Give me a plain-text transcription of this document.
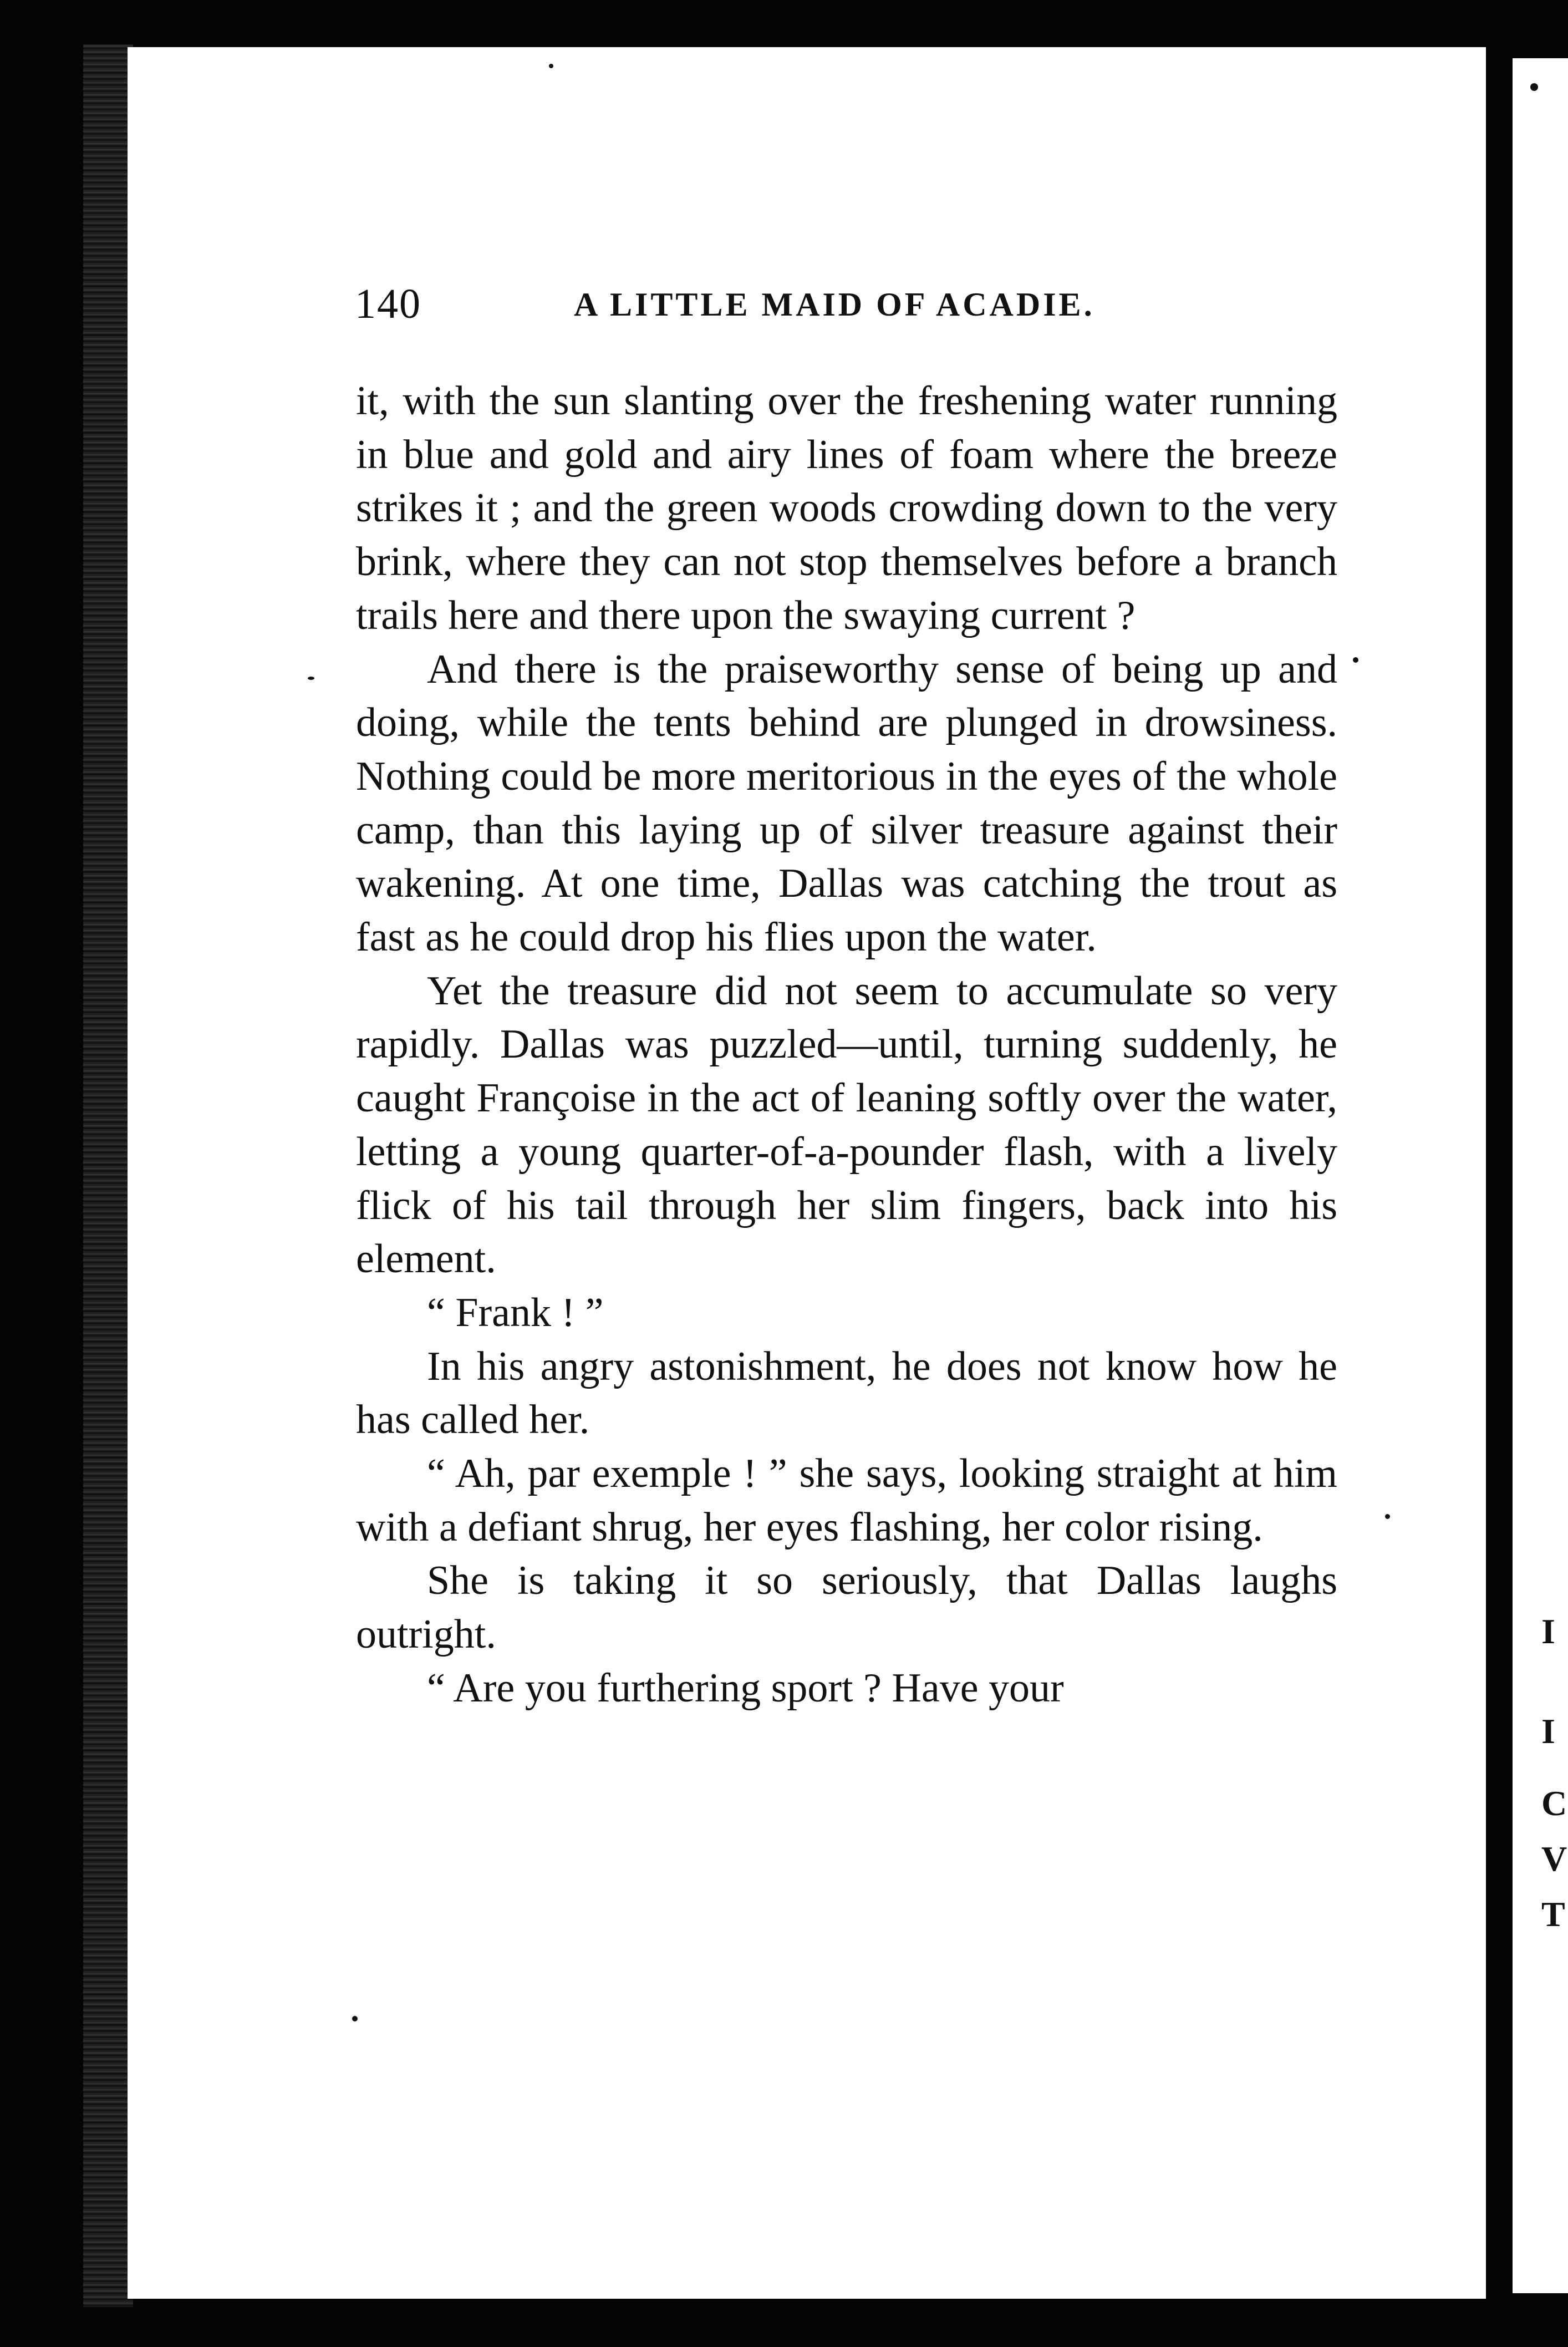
I
I
C
V
T
140	A LITTLE MAID OF ACADIE.

it, with the sun slanting over the freshening water running in blue and gold and airy lines of foam where the breeze strikes it ; and the green woods crowding down to the very brink, where they can not stop themselves before a branch trails here and there upon the swaying current ?

And there is the praiseworthy sense of being up and doing, while the tents behind are plunged in drowsiness. Nothing could be more meritorious in the eyes of the whole camp, than this laying up of silver treasure against their wakening. At one time, Dallas was catching the trout as fast as he could drop his flies upon the water.

Yet the treasure did not seem to accumulate so very rapidly. Dallas was puzzled—until, turning suddenly, he caught Françoise in the act of leaning softly over the water, letting a young quarter-of-a-pounder flash, with a lively flick of his tail through her slim fingers, back into his element.

“ Frank ! ”

In his angry astonishment, he does not know how he has called her.

“ Ah, par exemple ! ” she says, looking straight at him with a defiant shrug, her eyes flashing, her color rising.

She is taking it so seriously, that Dallas laughs outright.

“ Are you furthering sport ? Have your
